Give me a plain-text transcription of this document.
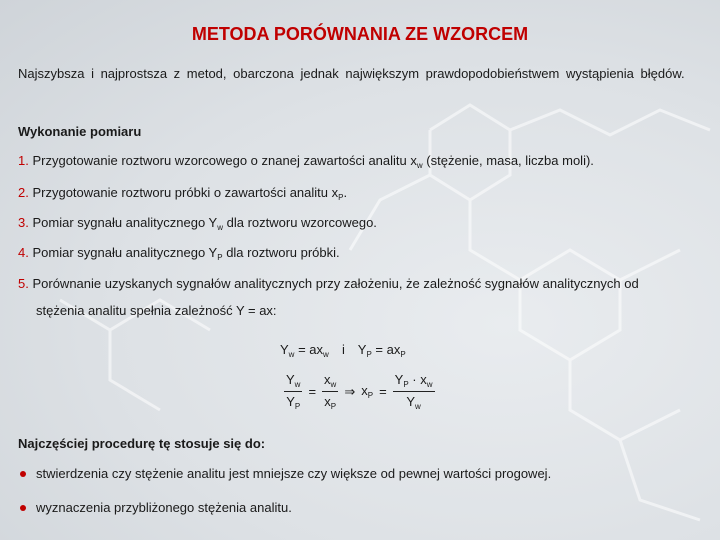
METODA PORÓWNANIA ZE WZORCEM
Najszybsza i najprostsza z metod, obarczona jednak największym prawdopodobieństwem wystąpienia błędów.
Wykonanie pomiaru
1. Przygotowanie roztworu wzorcowego o znanej zawartości analitu $x_w$ (stężenie, masa, liczba moli).
2. Przygotowanie roztworu próbki o zawartości analitu $x_P$.
3. Pomiar sygnału analitycznego $Y_w$ dla roztworu wzorcowego.
4. Pomiar sygnału analitycznego $Y_P$ dla roztworu próbki.
5. Porównanie uzyskanych sygnałów analitycznych przy założeniu, że zależność sygnałów analitycznych od
stężenia analitu spełnia zależność Y = ax:
$Y_w = ax_w$ i $Y_P = ax_P$
$\frac{Y_w}{Y_P} = \frac{x_w}{x_P}$ ⇒ $x_P = \frac{Y_P \cdot x_w}{Y_w}$
Najczęściej procedurę tę stosuje się do:
stwierdzenia czy stężenie analitu jest mniejsze czy większe od pewnej wartości progowej.
wyznaczenia przybliżonego stężenia analitu.
